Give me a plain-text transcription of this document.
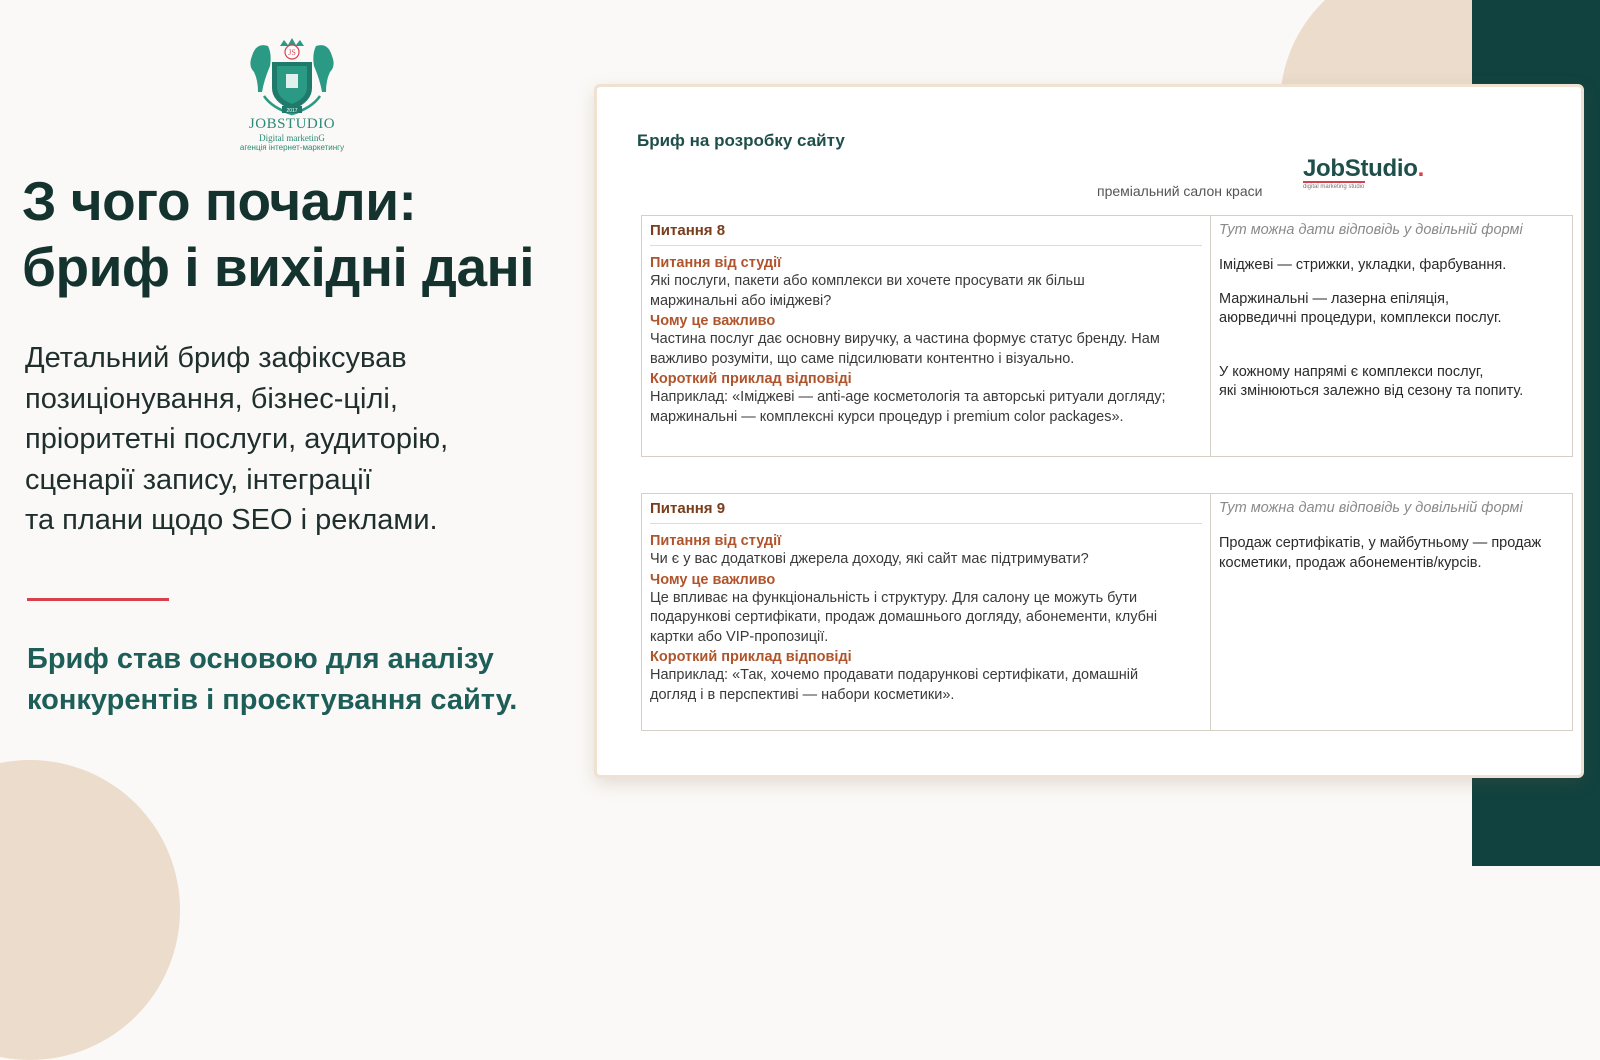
JS
2017
JOBSTUDIO
Digital marketinG
агенція інтернет-маркетингу
З чого почали:
бриф і вихідні дані

Детальний бриф зафіксував
позиціонування, бізнес-цілі,
пріоритетні послуги, аудиторію,
сценарії запису, інтеграції
та плани щодо SEO і реклами.

Бриф став основою для аналізу
конкурентів і проєктування сайту.

Бриф на розробку сайту
преміальний салон краси
JobStudio.
digital marketing studio
Питання 8
Питання від студії
Які послуги, пакети або комплекси ви хочете просувати як більш
маржинальні або іміджеві?
Чому це важливо
Частина послуг дає основну виручку, а частина формує статус бренду. Нам
важливо розуміти, що саме підсилювати контентно і візуально.
Короткий приклад відповіді
Наприклад: «Іміджеві — anti-age косметологія та авторські ритуали догляду;
маржинальні — комплексні курси процедур і premium color packages».
Тут можна дати відповідь у довільній формі
Іміджеві — стрижки, укладки, фарбування.
Маржинальні — лазерна епіляція,
аюрведичні процедури, комплекси послуг.
У кожному напрямі є комплекси послуг,
які змінюються залежно від сезону та попиту.
Питання 9
Питання від студії
Чи є у вас додаткові джерела доходу, які сайт має підтримувати?
Чому це важливо
Це впливає на функціональність і структуру. Для салону це можуть бути
подарункові сертифікати, продаж домашнього догляду, абонементи, клубні
картки або VIP-пропозиції.
Короткий приклад відповіді
Наприклад: «Так, хочемо продавати подарункові сертифікати, домашній
догляд і в перспективі — набори косметики».
Тут можна дати відповідь у довільній формі
Продаж сертифікатів, у майбутньому — продаж
косметики, продаж абонементів/курсів.
